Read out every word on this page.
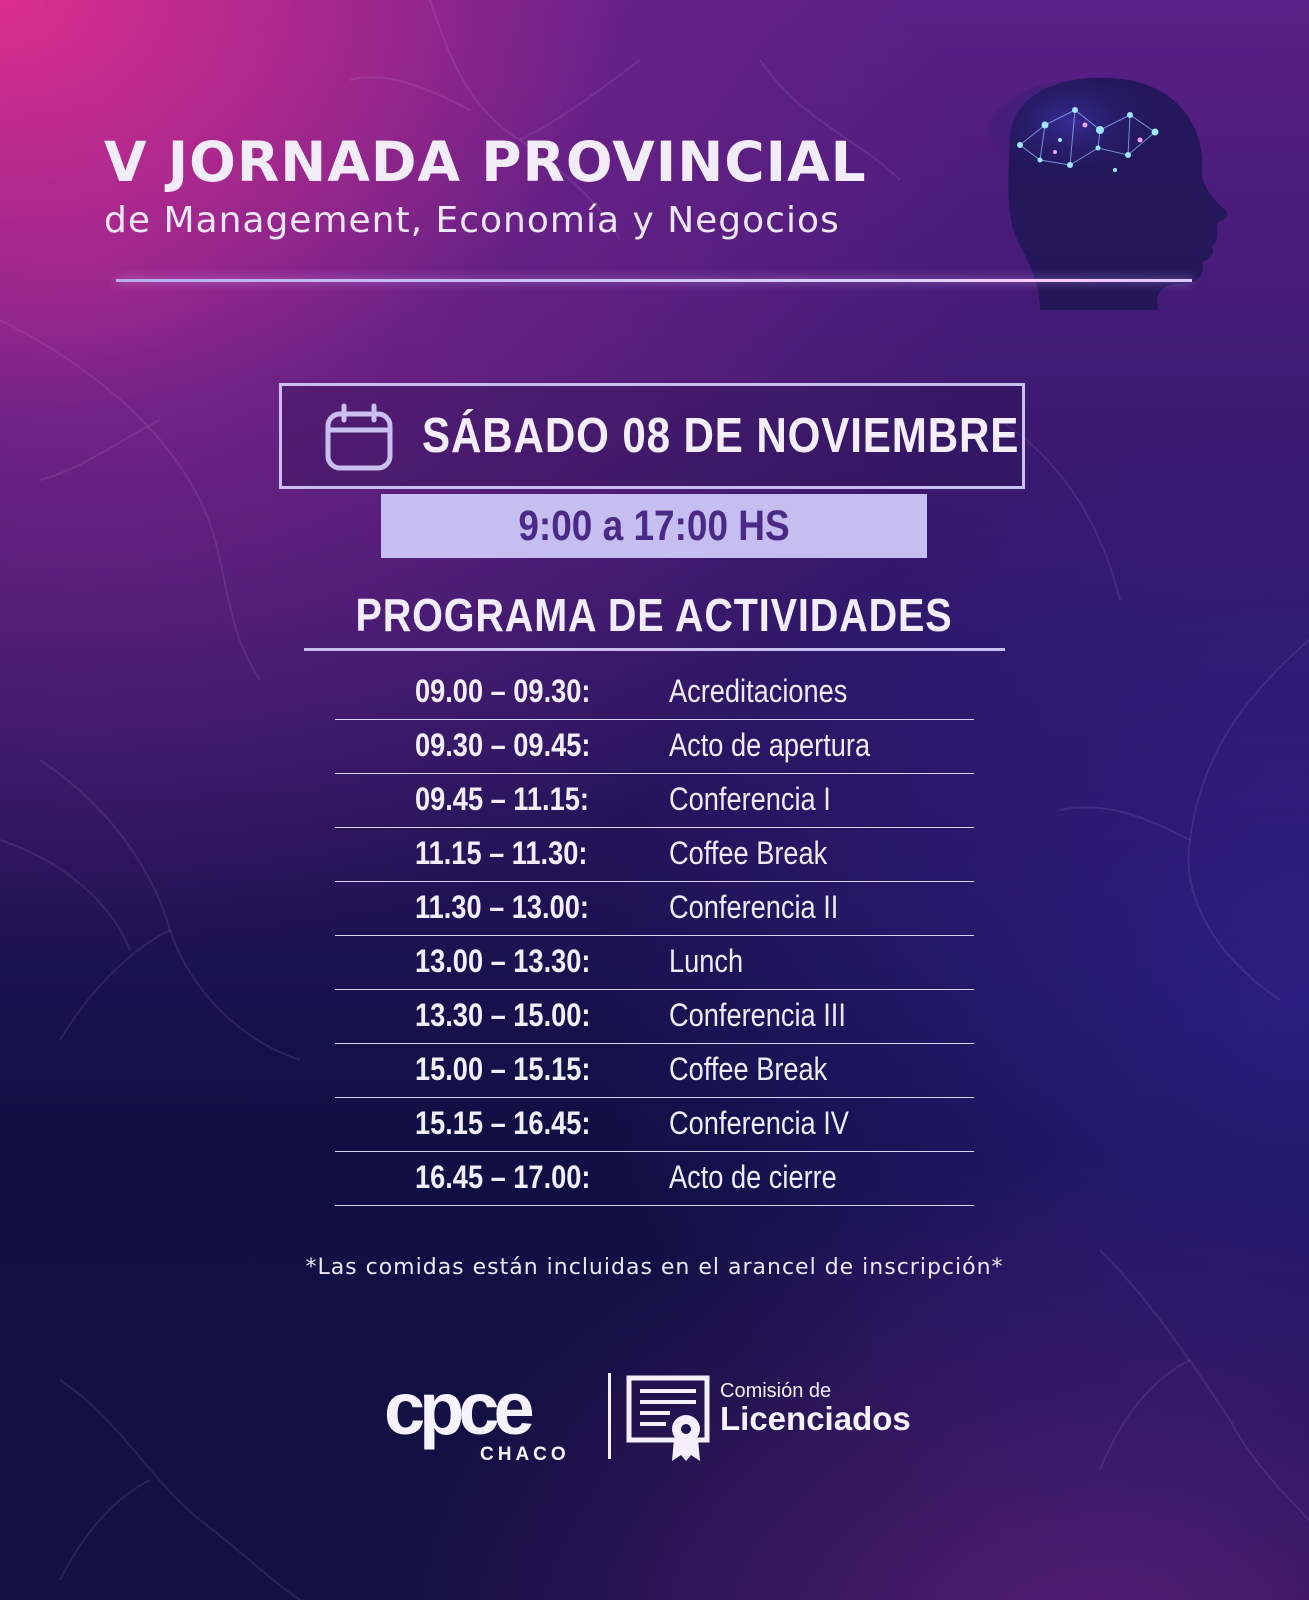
V JORNADA PROVINCIAL
de Management, Economía y Negocios
SÁBADO 08 DE NOVIEMBRE
9:00 a 17:00 HS
PROGRAMA DE ACTIVIDADES
09.00 – 09.30: Acreditaciones
09.30 – 09.45: Acto de apertura
09.45 – 11.15:	Conferencia I
11.15 – 11.30:	Coffee Break
11.30 – 13.00:	Conferencia II
13.00 – 13.30: Lunch
13.30 – 15.00: Conferencia III
15.00 – 15.15: Coffee Break
15.15 – 16.45: Conferencia IV
16.45 – 17.00: Acto de cierre
*Las comidas están incluidas en el arancel de inscripción*
cpce
CHACO
Comisión de
Licenciados
